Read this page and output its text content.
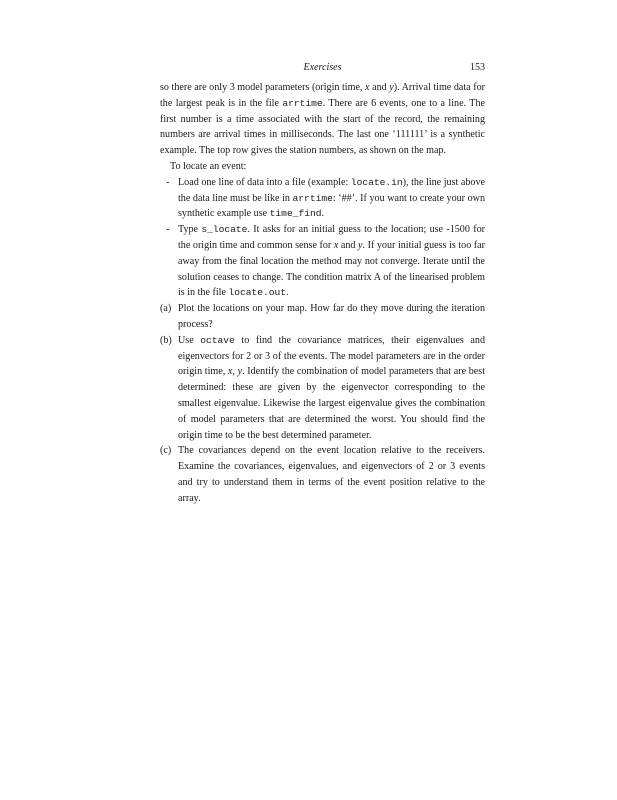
Exercises	153

so there are only 3 model parameters (origin time, x and y). Arrival time data for the largest peak is in the file arrtime. There are 6 events, one to a line. The first number is a time associated with the start of the record, the remaining numbers are arrival times in milliseconds. The last one ‘111111’ is a synthetic example. The top row gives the station numbers, as shown on the map.

To locate an event:

- Load one line of data into a file (example: locate.in), the line just above the data line must be like in arrtime: ‘##’. If you want to create your own synthetic example use time_find.

- Type s_locate. It asks for an initial guess to the location; use -1500 for the origin time and common sense for x and y. If your initial guess is too far away from the final location the method may not converge. Iterate until the solution ceases to change. The condition matrix A of the linearised problem is in the file locate.out.

(a) Plot the locations on your map. How far do they move during the iteration process?

(b) Use octave to find the covariance matrices, their eigenvalues and eigenvectors for 2 or 3 of the events. The model parameters are in the order origin time, x, y. Identify the combination of model parameters that are best determined: these are given by the eigenvector corresponding to the smallest eigenvalue. Likewise the largest eigenvalue gives the combination of model parameters that are determined the worst. You should find the origin time to be the best determined parameter.

(c) The covariances depend on the event location relative to the receivers. Examine the covariances, eigenvalues, and eigenvectors of 2 or 3 events and try to understand them in terms of the event position relative to the array.
